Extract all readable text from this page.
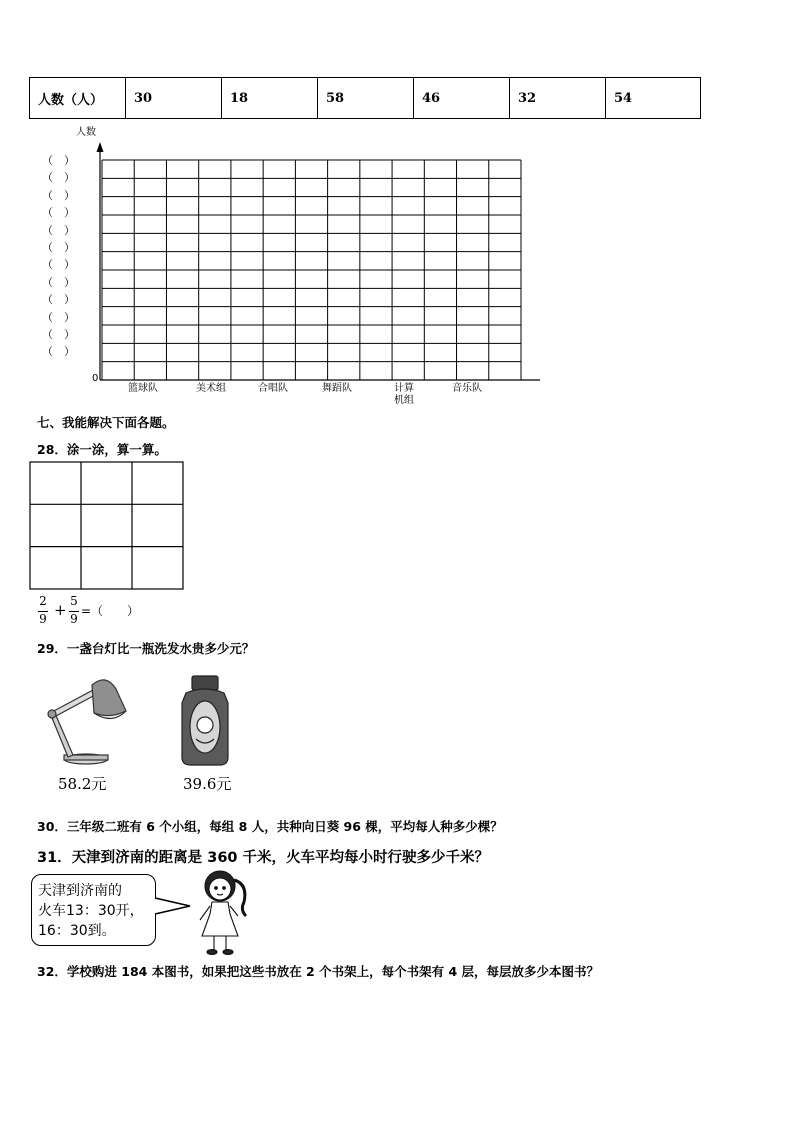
人数（人）	30	18	58	46	32	54
人数
0
（　）
（　）
（　）
（　）
（　）
（　）
（　）
（　）
（　）
（　）
（　）
（　）
篮球队	美术组	合唱队	舞蹈队	计算
机组
音乐队
七、我能解决下面各题。
28．涂一涂，算一算。
2
9 + 5
9
=（　　）
29．一盏台灯比一瓶洗发水贵多少元？
58.2元	39.6元
30．三年级二班有 6 个小组，每组 8 人，共种向日葵 96 棵，平均每人种多少棵？
31．天津到济南的距离是 360 千米，火车平均每小时行驶多少千米？
天津到济南的
火车13：30开，
16：30到。
32．学校购进 184 本图书，如果把这些书放在 2 个书架上，每个书架有 4 层，每层放多少本图书？
